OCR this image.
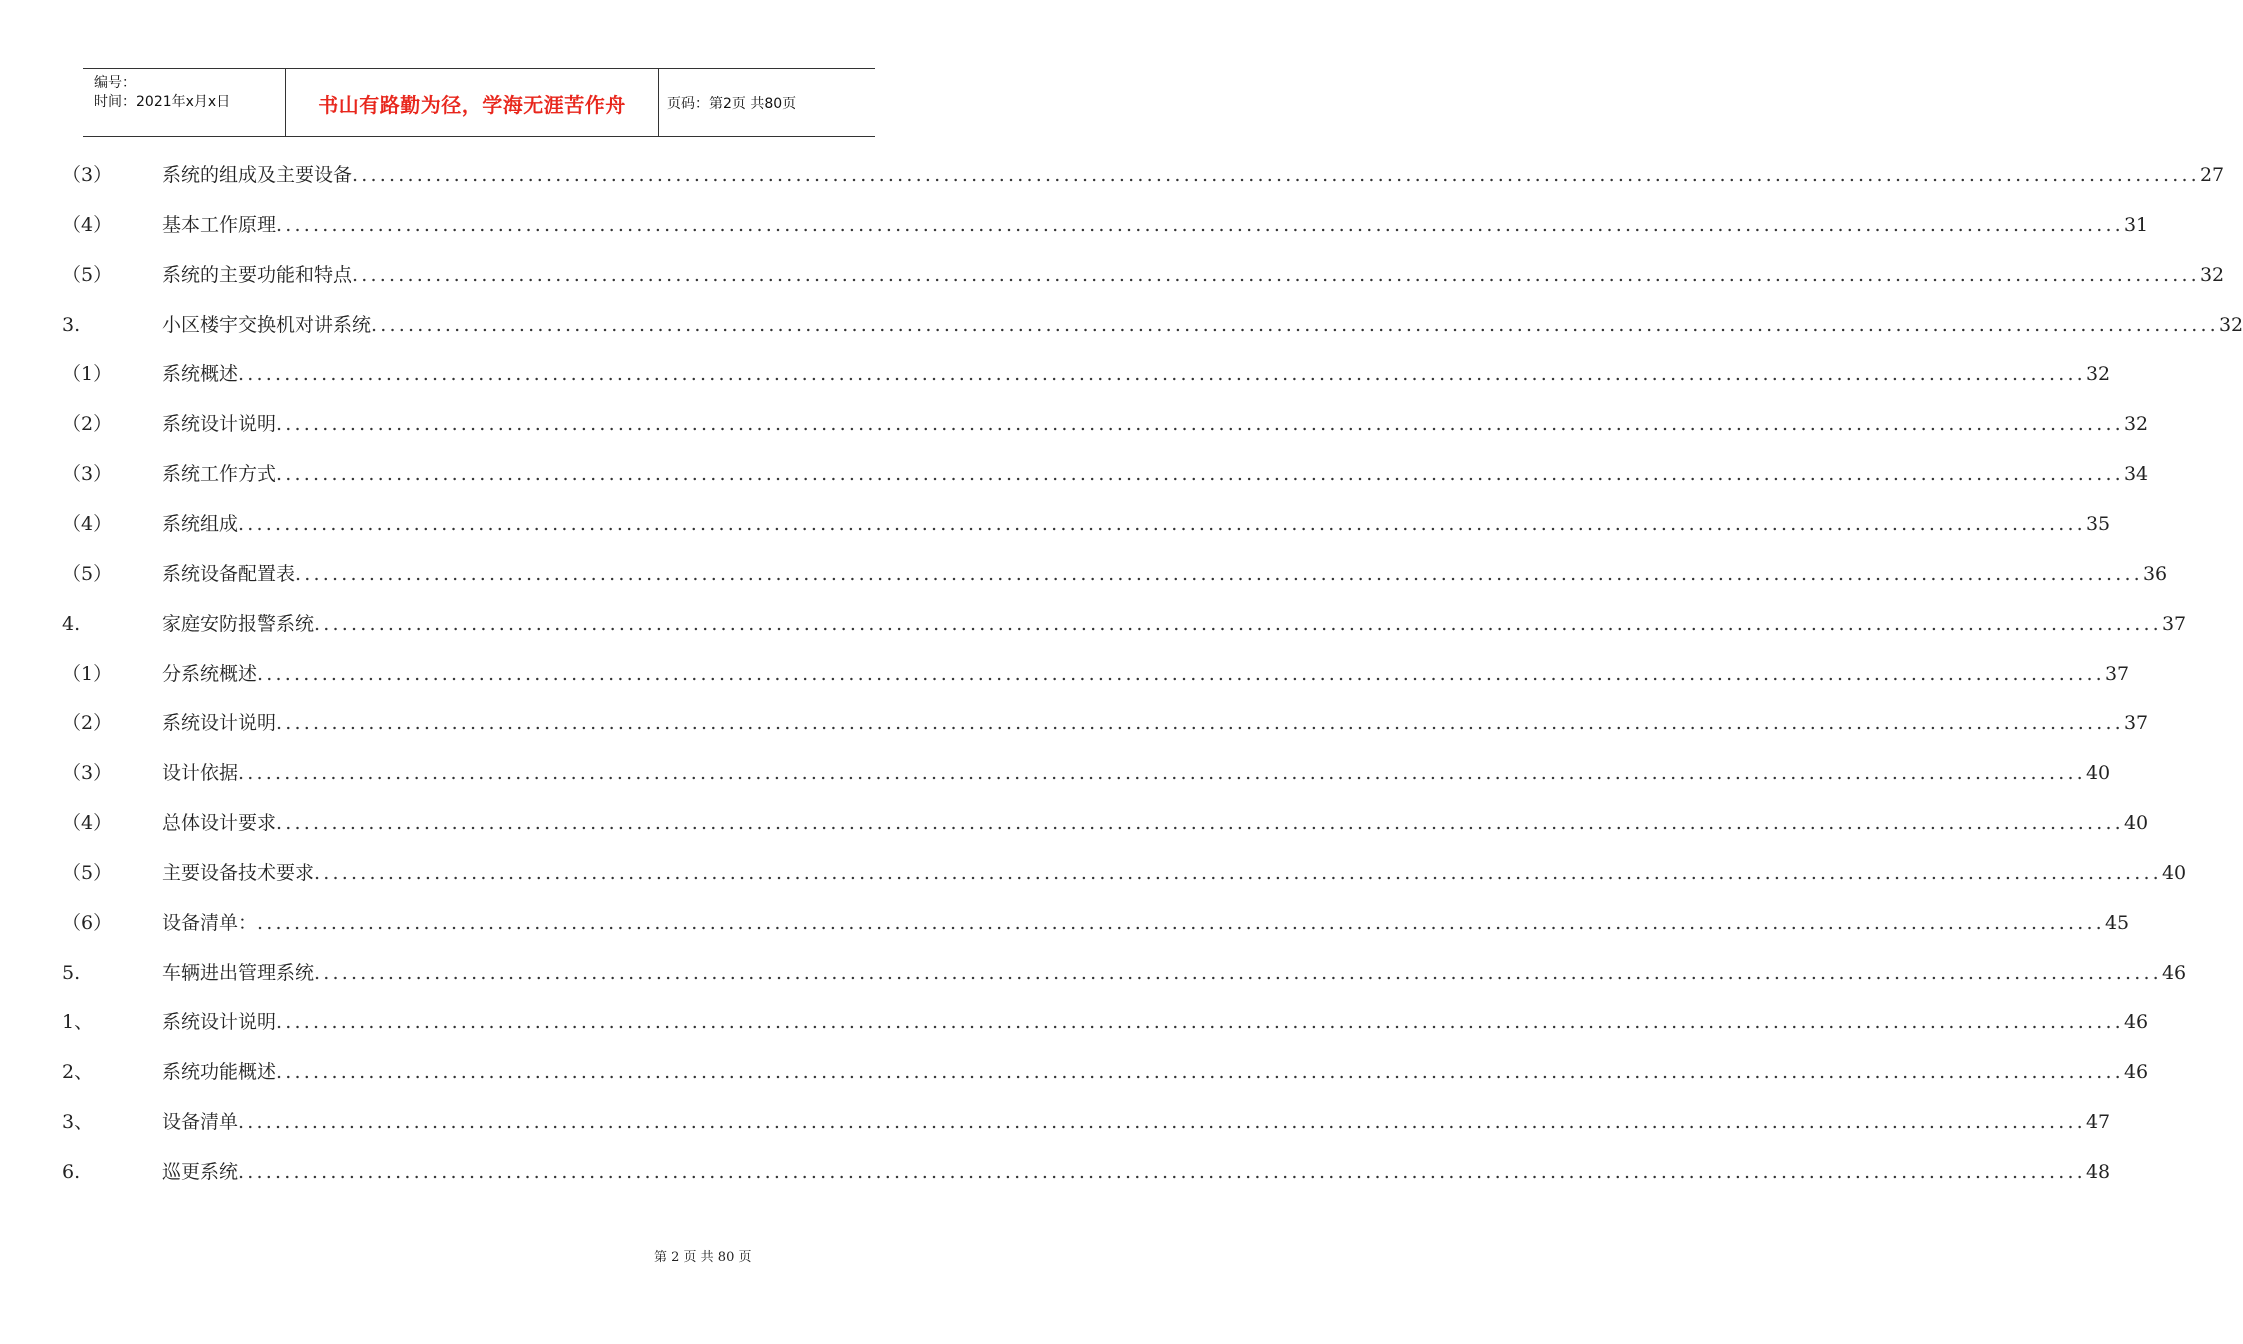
编号：
时间：2021年x月x日	书山有路勤为径，学海无涯苦作舟	页码：第2页 共80页
（3）	系统的组成及主要设备 ........................................................................................................................................................................................................ 27
（4）	基本工作原理 ........................................................................................................................................................................................................ 31
（5）	系统的主要功能和特点 ........................................................................................................................................................................................................ 32
3.	小区楼宇交换机对讲系统 ........................................................................................................................................................................................................ 32
（1）	系统概述 ........................................................................................................................................................................................................ 32
（2）	系统设计说明 ........................................................................................................................................................................................................ 32
（3）	系统工作方式 ........................................................................................................................................................................................................ 34
（4）	系统组成 ........................................................................................................................................................................................................ 35
（5）	系统设备配置表 ........................................................................................................................................................................................................ 36
4.	家庭安防报警系统 ........................................................................................................................................................................................................ 37
（1）	分系统概述 ........................................................................................................................................................................................................ 37
（2）	系统设计说明 ........................................................................................................................................................................................................ 37
（3）	设计依据 ........................................................................................................................................................................................................ 40
（4）	总体设计要求 ........................................................................................................................................................................................................ 40
（5）	主要设备技术要求 ........................................................................................................................................................................................................ 40
（6）	设备清单： ........................................................................................................................................................................................................ 45
5.	车辆进出管理系统 ........................................................................................................................................................................................................ 46
1、	系统设计说明 ........................................................................................................................................................................................................ 46
2、	系统功能概述 ........................................................................................................................................................................................................ 46
3、	设备清单 ........................................................................................................................................................................................................ 47
6.	巡更系统 ........................................................................................................................................................................................................ 48
第 2 页 共 80 页
